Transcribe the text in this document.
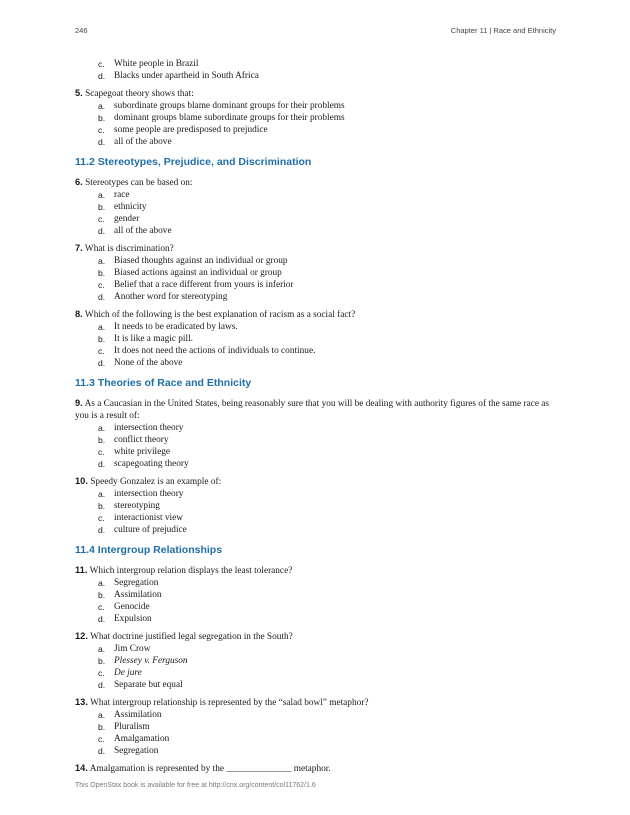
246	Chapter 11 | Race and Ethnicity
c. White people in Brazil
d. Blacks under apartheid in South Africa
5. Scapegoat theory shows that:
a. subordinate groups blame dominant groups for their problems
b. dominant groups blame subordinate groups for their problems
c. some people are predisposed to prejudice
d. all of the above
11.2 Stereotypes, Prejudice, and Discrimination
6. Stereotypes can be based on:
a. race
b. ethnicity
c. gender
d. all of the above
7. What is discrimination?
a. Biased thoughts against an individual or group
b. Biased actions against an individual or group
c. Belief that a race different from yours is inferior
d. Another word for stereotyping
8. Which of the following is the best explanation of racism as a social fact?
a. It needs to be eradicated by laws.
b. It is like a magic pill.
c. It does not need the actions of individuals to continue.
d. None of the above
11.3 Theories of Race and Ethnicity
9. As a Caucasian in the United States, being reasonably sure that you will be dealing with authority figures of the same race as you is a result of:
a. intersection theory
b. conflict theory
c. white privilege
d. scapegoating theory
10. Speedy Gonzalez is an example of:
a. intersection theory
b. stereotyping
c. interactionist view
d. culture of prejudice
11.4 Intergroup Relationships
11. Which intergroup relation displays the least tolerance?
a. Segregation
b. Assimilation
c. Genocide
d. Expulsion
12. What doctrine justified legal segregation in the South?
a. Jim Crow
b. Plessey v. Ferguson
c. De jure
d. Separate but equal
13. What intergroup relationship is represented by the “salad bowl” metaphor?
a. Assimilation
b. Pluralism
c. Amalgamation
d. Segregation
14. Amalgamation is represented by the ______________ metaphor.
This OpenStax book is available for free at http://cnx.org/content/col11762/1.6
